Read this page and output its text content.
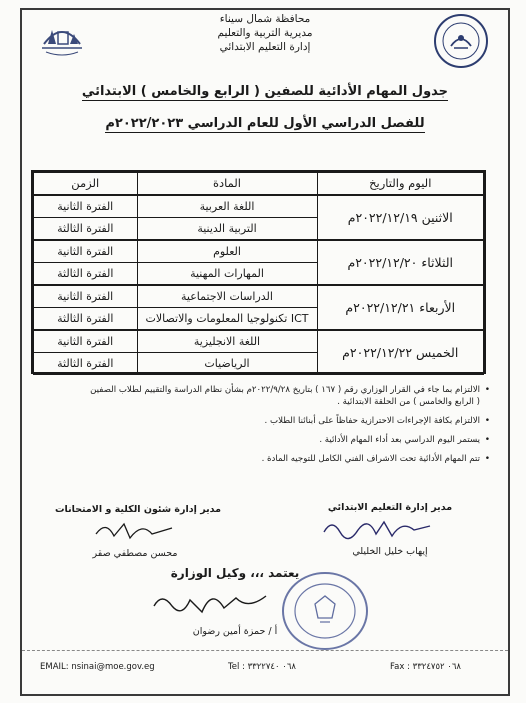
محافظة شمال سيناء
مديرية التربية والتعليم
إدارة التعليم الابتدائي
جدول المهام الأدائية للصفين ( الرابع والخامس ) الابتدائي
للفصل الدراسي الأول للعام الدراسي ٢٠٢٢/٢٠٢٣م
اليوم والتاريخ	المادة	الزمن
الاثنين ٢٠٢٢/١٢/١٩م	اللغة العربية	الفترة الثانية
	التربية الدينية	الفترة الثالثة
الثلاثاء ٢٠٢٢/١٢/٢٠م	العلوم	الفترة الثانية
	المهارات المهنية	الفترة الثالثة
الأربعاء ٢٠٢٢/١٢/٢١م	الدراسات الاجتماعية	الفترة الثانية
	ICT تكنولوجيا المعلومات والاتصالات	الفترة الثالثة
الخميس ٢٠٢٢/١٢/٢٢م	اللغة الانجليزية	الفترة الثانية
	الرياضيات	الفترة الثالثة
•
الالتزام بما جاء في القرار الوزاري رقم ( ١٦٧ ) بتاريخ ٢٠٢٢/٩/٢٨م بشأن نظام الدراسة والتقييم لطلاب الصفين
( الرابع والخامس ) من الحلقة الابتدائية .
•
الالتزام بكافة الإجراءات الاحترازية حفاظاً على أبنائنا الطلاب .
•
يستمر اليوم الدراسي بعد أداء المهام الأدائية .
•
تتم المهام الأدائية تحت الاشراف الفني الكامل للتوجيه المادة .
مدير إدارة التعليم الابتدائي
إيهاب خليل الخليلي
مدير إدارة شئون الكلية و الامتحانات
محسن مصطفي صقر
يعتمد ،،، وكيل الوزارة
أ / حمزة أمين رضوان
EMAIL: nsinai@moe.gov.eg	Tel : ٠٦٨ ٣٣٢٢٧٤٠	Fax : ٠٦٨ ٣٣٢٤٧٥٢
